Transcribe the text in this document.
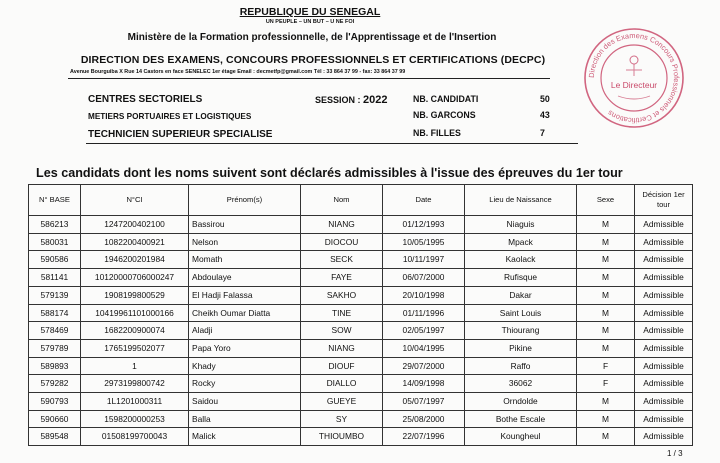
REPUBLIQUE DU SENEGAL
UN PEUPLE – UN BUT – U NE FOI
Ministère de la Formation professionnelle, de l'Apprentissage et de l'Insertion
DIRECTION DES EXAMENS, CONCOURS PROFESSIONNELS ET CERTIFICATIONS (DECPC)
Avenue Bourguiba X Rue 14 Castors en face SENELEC 1er étage Email : decmetfp@gmail.com Tél : 33 864 37 99 - fax: 33 864 37 99
Direction des Examens Concours Professionnels et Certifications
Le Directeur
CENTRES SECTORIELS	SESSION : 2022	NB. CANDIDATI	50
METIERS PORTUAIRES ET LOGISTIQUES	NB. GARCONS	43
TECHNICIEN SUPERIEUR SPECIALISE	NB. FILLES	7
Les candidats dont les noms suivent sont déclarés admissibles à l'issue des épreuves du 1er tour
N° BASE	N°CI	Prénom(s)	Nom	Date	Lieu de Naissance	Sexe	Décision 1er tour
586213	1247200402100	Bassirou	NIANG	01/12/1993	Niaguis	M	Admissible
580031	1082200400921	Nelson	DIOCOU	10/05/1995	Mpack	M	Admissible
590586	1946200201984	Momath	SECK	10/11/1997	Kaolack	M	Admissible
581141	10120000706000247	Abdoulaye	FAYE	06/07/2000	Rufisque	M	Admissible
579139	1908199800529	El Hadji Falassa	SAKHO	20/10/1998	Dakar	M	Admissible
588174	10419961101000166	Cheikh Oumar Diatta	TINE	01/11/1996	Saint Louis	M	Admissible
578469	1682200900074	Aladji	SOW	02/05/1997	Thiourang	M	Admissible
579789	1765199502077	Papa Yoro	NIANG	10/04/1995	Pikine	M	Admissible
589893	1	Khady	DIOUF	29/07/2000	Raffo	F	Admissible
579282	2973199800742	Rocky	DIALLO	14/09/1998	36062	F	Admissible
590793	1L1201000311	Saidou	GUEYE	05/07/1997	Orndolde	M	Admissible
590660	1598200000253	Balla	SY	25/08/2000	Bothe Escale	M	Admissible
589548	01508199700043	Malick	THIOUMBO	22/07/1996	Koungheul	M	Admissible
1 / 3
